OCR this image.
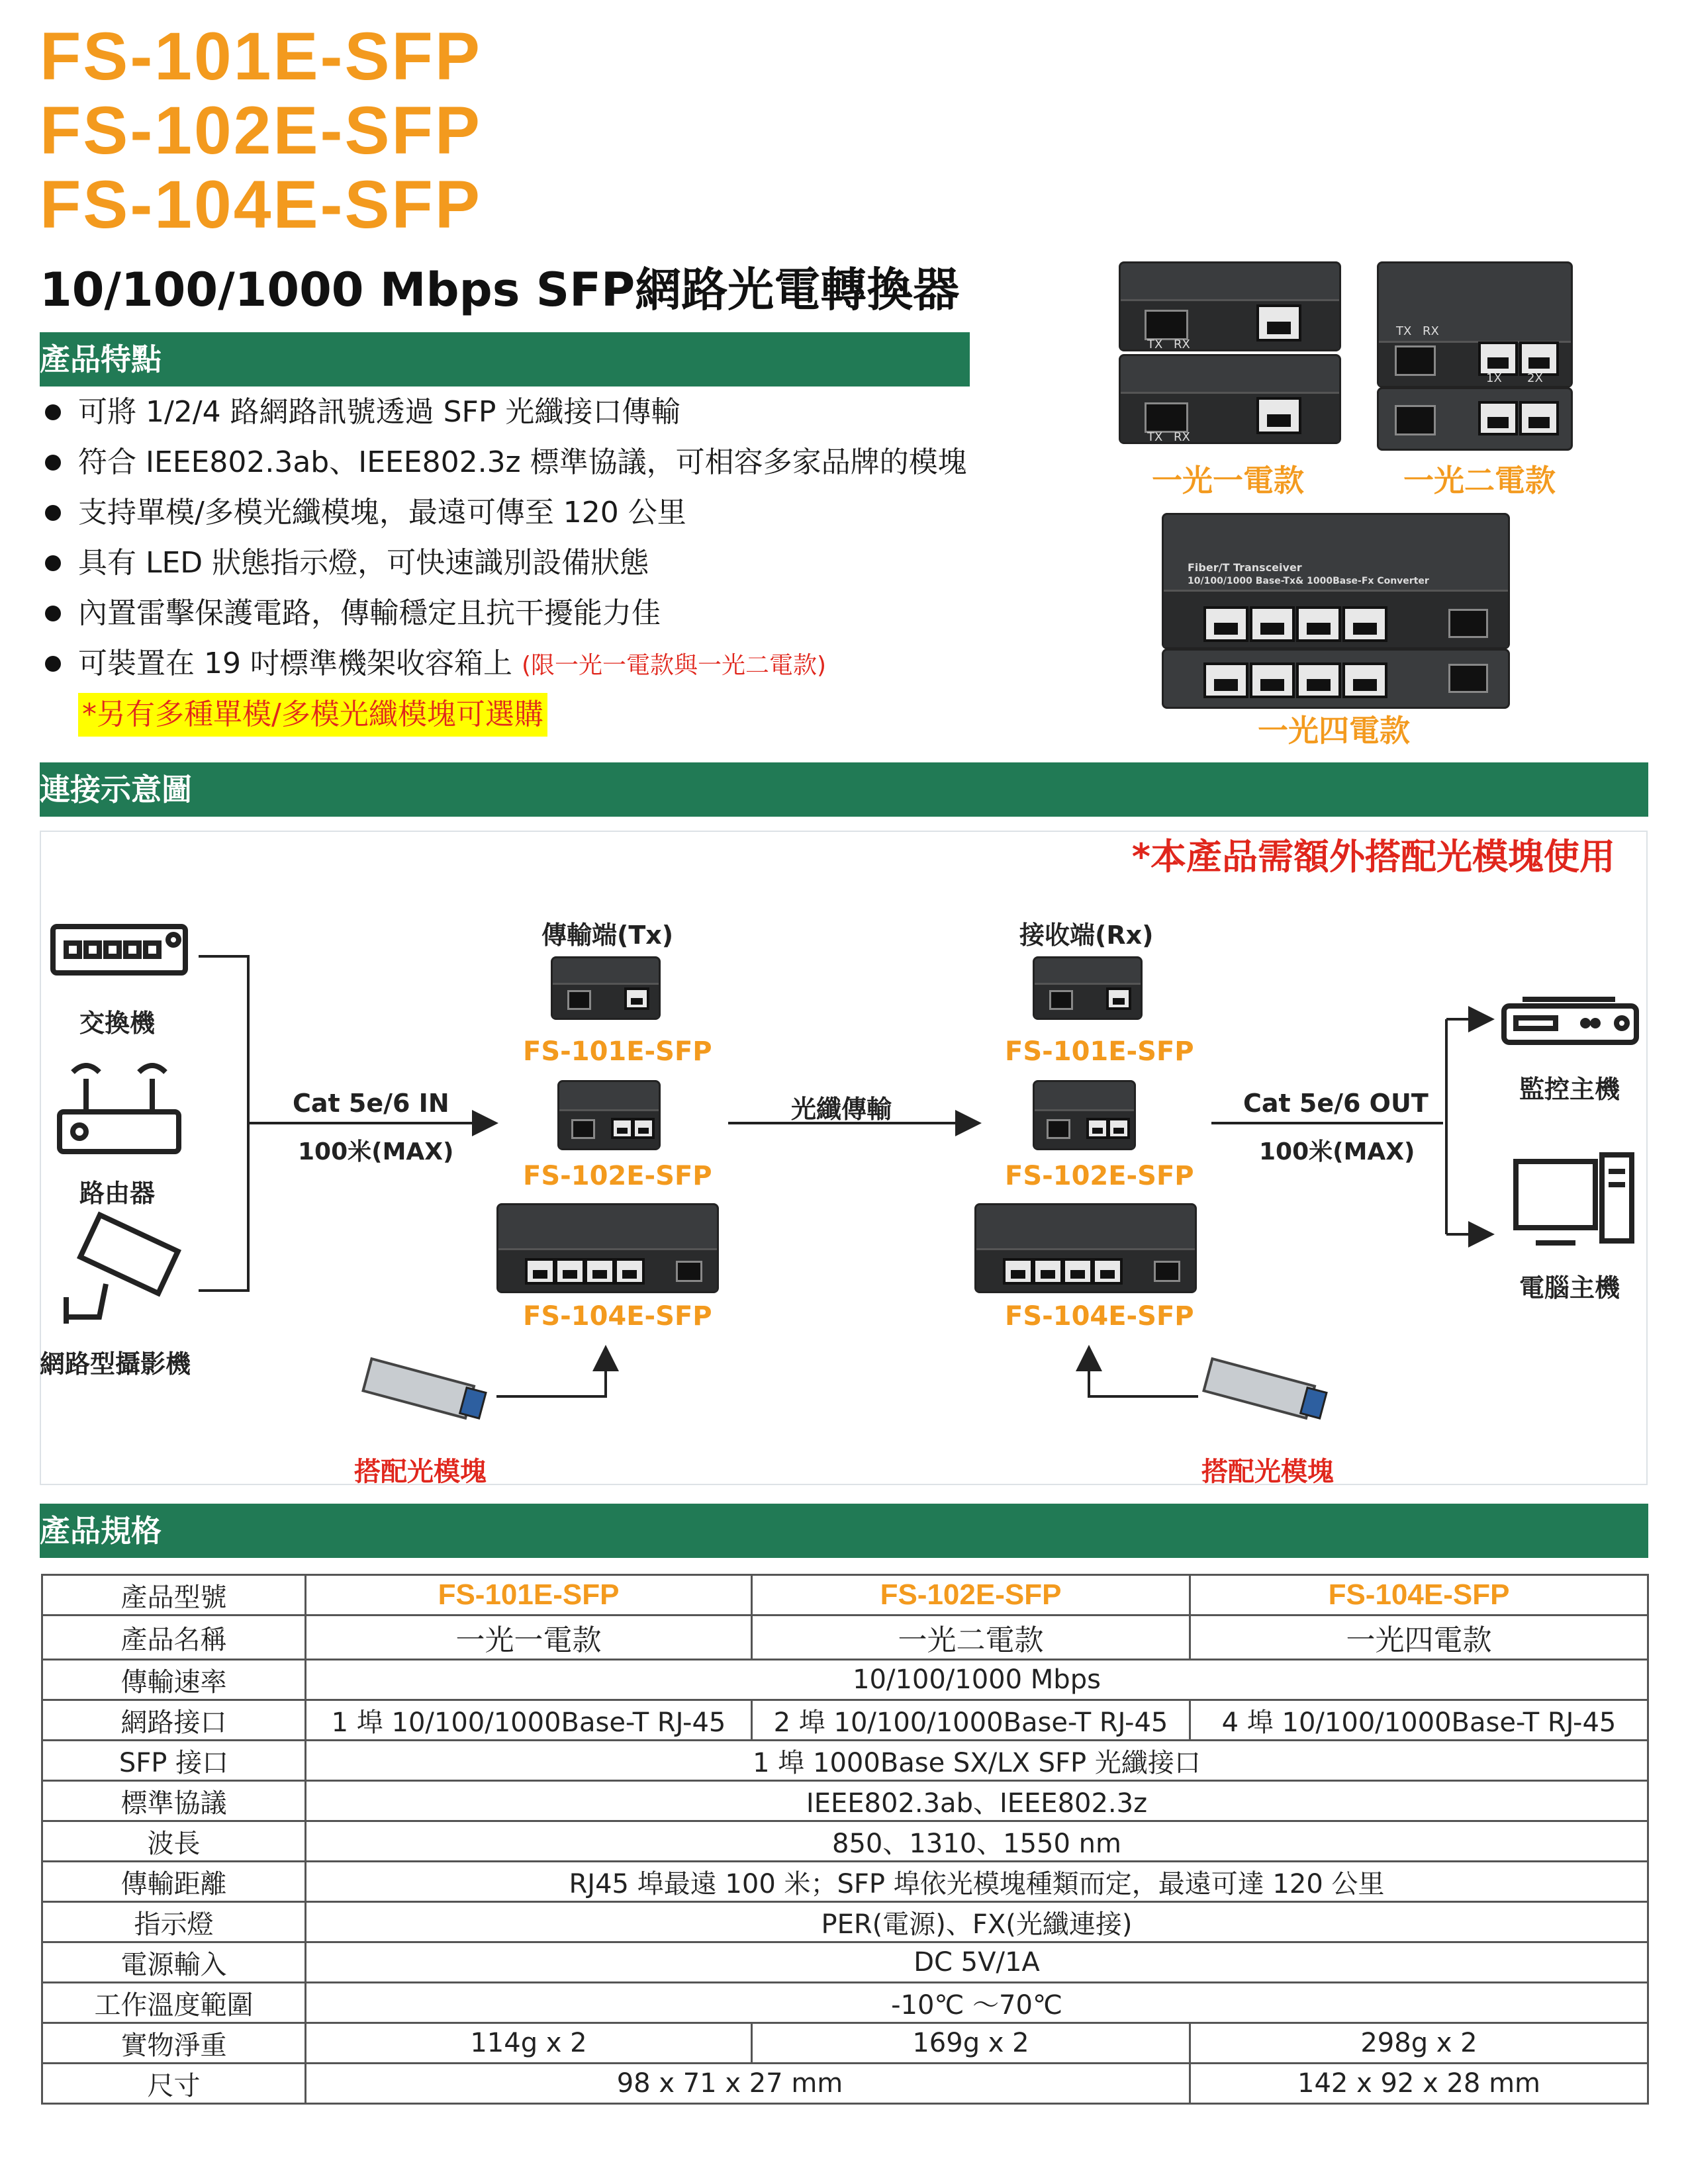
FS-101E-SFP
FS-102E-SFP
FS-104E-SFP
10/100/1000 Mbps SFP網路光電轉換器
產品特點
可將 1/2/4 路網路訊號透過 SFP 光纖接口傳輸
符合 IEEE802.3ab、IEEE802.3z 標準協議，可相容多家品牌的模塊
支持單模/多模光纖模塊，最遠可傳至 120 公里
具有 LED 狀態指示燈，可快速識別設備狀態
內置雷擊保護電路，傳輸穩定且抗干擾能力佳
可裝置在 19 吋標準機架收容箱上 (限一光一電款與一光二電款)
*另有多種單模/多模光纖模塊可選購
TX RX
TX RX
一光一電款
TX RX
1X 2X
一光二電款
Fiber/T Transceiver
10/100/1000 Base-Tx& 1000Base-Fx Converter
一光四電款
連接示意圖
*本產品需額外搭配光模塊使用
交換機
路由器
網路型攝影機
傳輸端(Tx)	接收端(Rx)
FS-101E-SFP
FS-102E-SFP
FS-104E-SFP
FS-101E-SFP
FS-102E-SFP
FS-104E-SFP
Cat 5e/6 IN
100米(MAX)
光纖傳輸	Cat 5e/6 OUT
100米(MAX)
監控主機
電腦主機
搭配光模塊	搭配光模塊
產品規格
產品型號	FS-101E-SFP	FS-102E-SFP	FS-104E-SFP
產品名稱	一光一電款	一光二電款	一光四電款
傳輸速率	10/100/1000 Mbps		
網路接口	1 埠 10/100/1000Base-T RJ-45	2 埠 10/100/1000Base-T RJ-45	4 埠 10/100/1000Base-T RJ-45
SFP 接口	1 埠 1000Base SX/LX SFP 光纖接口		
標準協議	IEEE802.3ab、IEEE802.3z		
波長	850、1310、1550 nm		
傳輸距離	RJ45 埠最遠 100 米；SFP 埠依光模塊種類而定，最遠可達 120 公里		
指示燈	PER(電源)、FX(光纖連接)		
電源輸入	DC 5V/1A		
工作溫度範圍	-10℃ ～70℃		
實物淨重	114g x 2	169g x 2	298g x 2
尺寸	98 x 71 x 27 mm		142 x 92 x 28 mm
